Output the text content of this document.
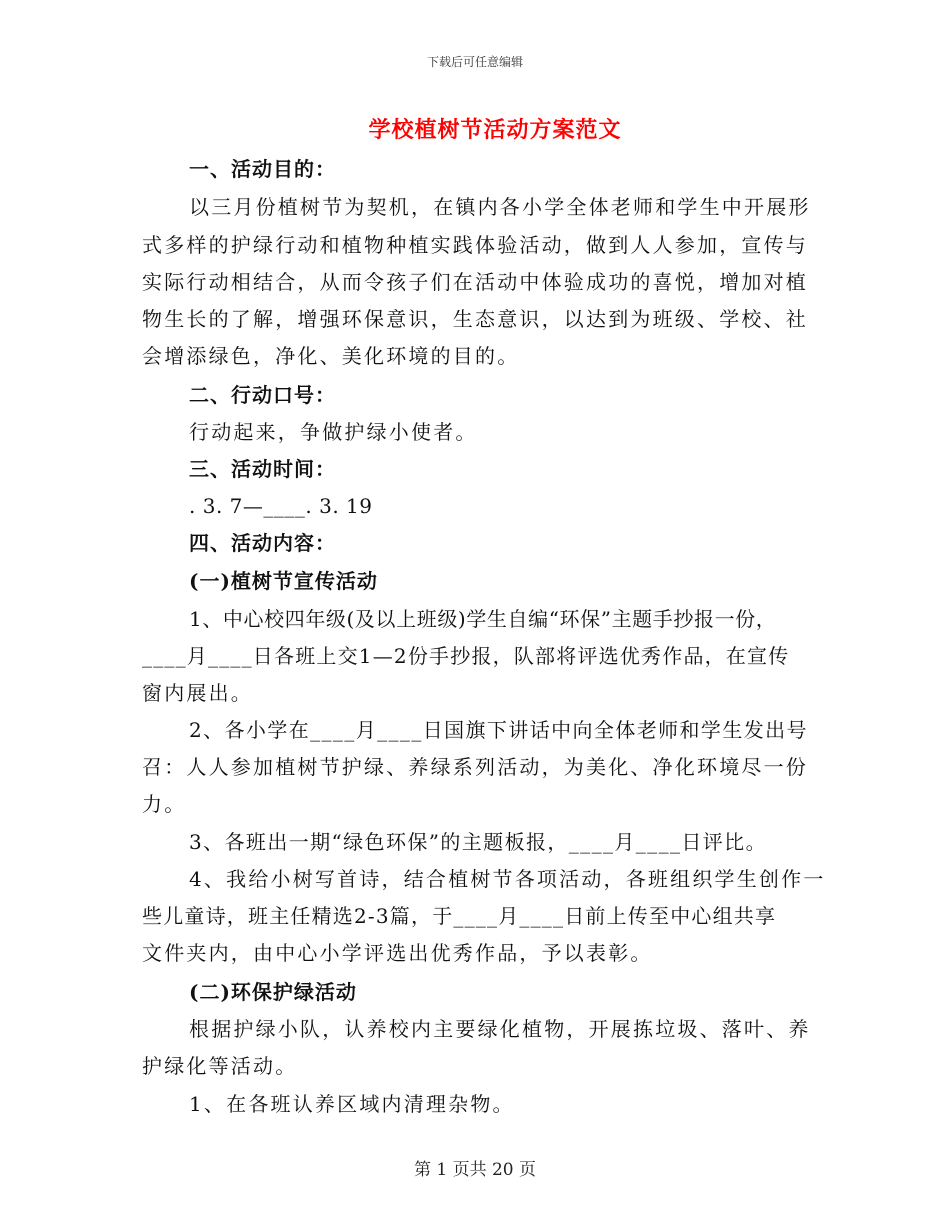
下载后可任意编辑
学校植树节活动方案范文
一、活动目的：
以三月份植树节为契机，在镇内各小学全体老师和学生中开展形
式多样的护绿行动和植物种植实践体验活动，做到人人参加，宣传与
实际行动相结合，从而令孩子们在活动中体验成功的喜悦，增加对植
物生长的了解，增强环保意识，生态意识，以达到为班级、学校、社
会增添绿色，净化、美化环境的目的。
二、行动口号：
行动起来，争做护绿小使者。
三、活动时间：
. 3. 7—____. 3. 19
四、活动内容：
(一)植树节宣传活动
1、中心校四年级(及以上班级)学生自编“环保”主题手抄报一份，
____月____日各班上交1—2份手抄报，队部将评选优秀作品，在宣传
窗内展出。
2、各小学在____月____日国旗下讲话中向全体老师和学生发出号
召：人人参加植树节护绿、养绿系列活动，为美化、净化环境尽一份
力。
3、各班出一期“绿色环保”的主题板报，____月____日评比。
4、我给小树写首诗，结合植树节各项活动，各班组织学生创作一
些儿童诗，班主任精选2-3篇，于____月____日前上传至中心组共享
文件夹内，由中心小学评选出优秀作品，予以表彰。
(二)环保护绿活动
根据护绿小队，认养校内主要绿化植物，开展拣垃圾、落叶、养
护绿化等活动。
1、在各班认养区域内清理杂物。
第 1 页共 20 页
